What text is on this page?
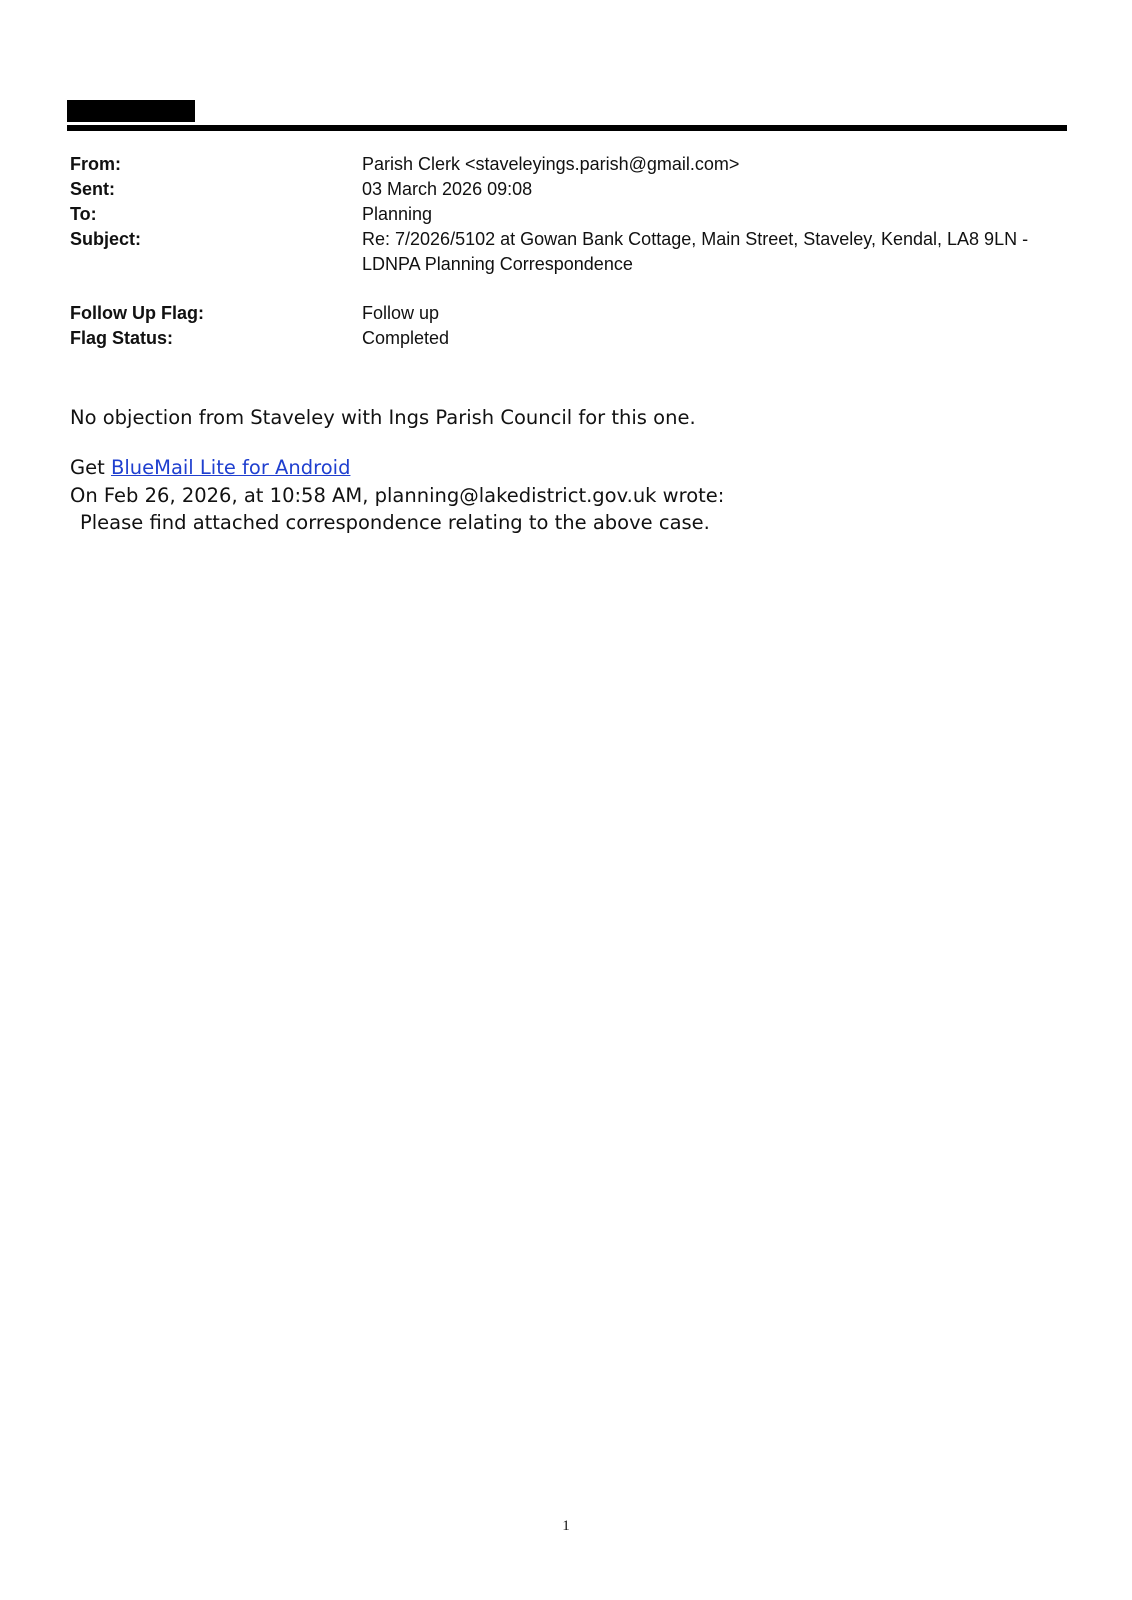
From:	Parish Clerk <staveleyings.parish@gmail.com>
Sent:	03 March 2026 09:08
To:	Planning
Subject:	Re: 7/2026/5102 at Gowan Bank Cottage, Main Street, Staveley, Kendal, LA8 9LN - LDNPA Planning Correspondence
Follow Up Flag:	Follow up
Flag Status:	Completed

No objection from Staveley with Ings Parish Council for this one.

Get BlueMail Lite for Android

On Feb 26, 2026, at 10:58 AM, planning@lakedistrict.gov.uk wrote:

Please find attached correspondence relating to the above case.

1
